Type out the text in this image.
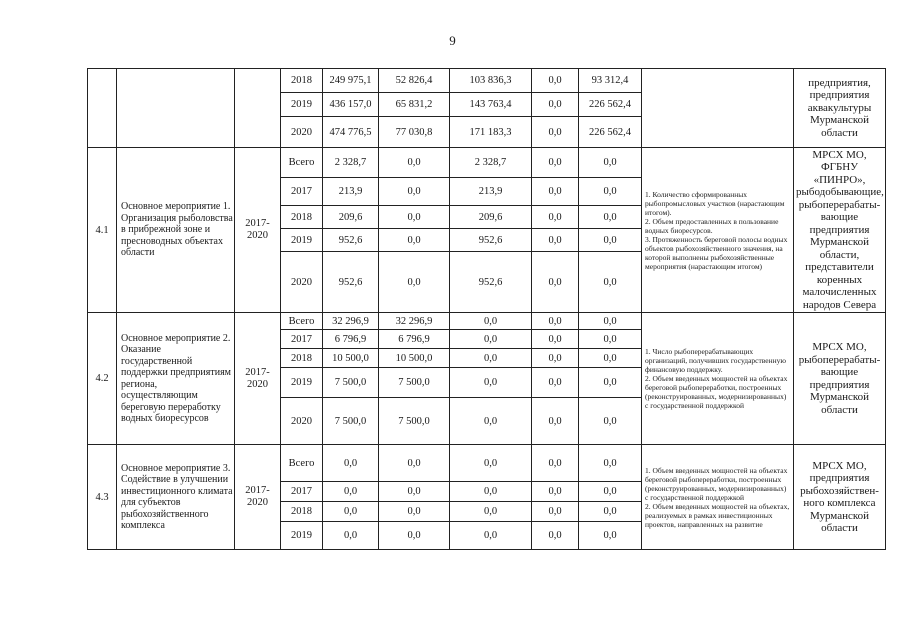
9
			2018	249 975,1	52 826,4	103 836,3	0,0	93 312,4		предприятия, предприятия аквакультуры Мурманской области
			2019	436 157,0	65 831,2	143 763,4	0,0	226 562,4		
			2020	474 776,5	77 030,8	171 183,3	0,0	226 562,4		
4.1	Основное мероприятие 1. Организация рыболовства в прибрежной зоне и пресноводных объектах области	2017-2020	Всего	2 328,7	0,0	2 328,7	0,0	0,0	1. Количество сформированных рыбопромысловых участков (нарастающим итогом).
2. Объем предоставленных в пользование водных биоресурсов.
3. Протяженность береговой полосы водных объектов рыбохозяйственного значения, на которой выполнены рыбохозяйственные мероприятия (нарастающим итогом)	МРСХ МО, ФГБНУ «ПИНРО», рыбодобывающие, рыбоперерабаты-вающие предприятия Мурманской области, представители коренных малочисленных народов Севера
			2017	213,9	0,0	213,9	0,0	0,0		
			2018	209,6	0,0	209,6	0,0	0,0		
			2019	952,6	0,0	952,6	0,0	0,0		
			2020	952,6	0,0	952,6	0,0	0,0		
4.2	Основное мероприятие 2. Оказание государственной поддержки предприятиям региона, осуществляющим береговую переработку водных биоресурсов	2017-2020	Всего	32 296,9	32 296,9	0,0	0,0	0,0	1. Число рыбоперерабатывающих организаций, получивших государственную финансовую поддержку.
2. Объем введенных мощностей на объектах береговой рыбопереработки, построенных (реконструированных, модернизированных) с государственной поддержкой	МРСХ МО, рыбоперерабаты-вающие предприятия Мурманской области
			2017	6 796,9	6 796,9	0,0	0,0	0,0		
			2018	10 500,0	10 500,0	0,0	0,0	0,0		
			2019	7 500,0	7 500,0	0,0	0,0	0,0		
			2020	7 500,0	7 500,0	0,0	0,0	0,0		
4.3	Основное мероприятие 3. Содействие в улучшении инвестиционного климата для субъектов рыбохозяйственного комплекса	2017-2020	Всего	0,0	0,0	0,0	0,0	0,0	1. Объем введенных мощностей на объектах береговой рыбопереработки, построенных (реконструированных, модернизированных) с государственной поддержкой
2. Объем введенных мощностей на объектах, реализуемых в рамках инвестиционных проектов, направленных на развитие	МРСХ МО, предприятия рыбохозяйствен-ного комплекса Мурманской области
			2017	0,0	0,0	0,0	0,0	0,0		
			2018	0,0	0,0	0,0	0,0	0,0		
			2019	0,0	0,0	0,0	0,0	0,0		
